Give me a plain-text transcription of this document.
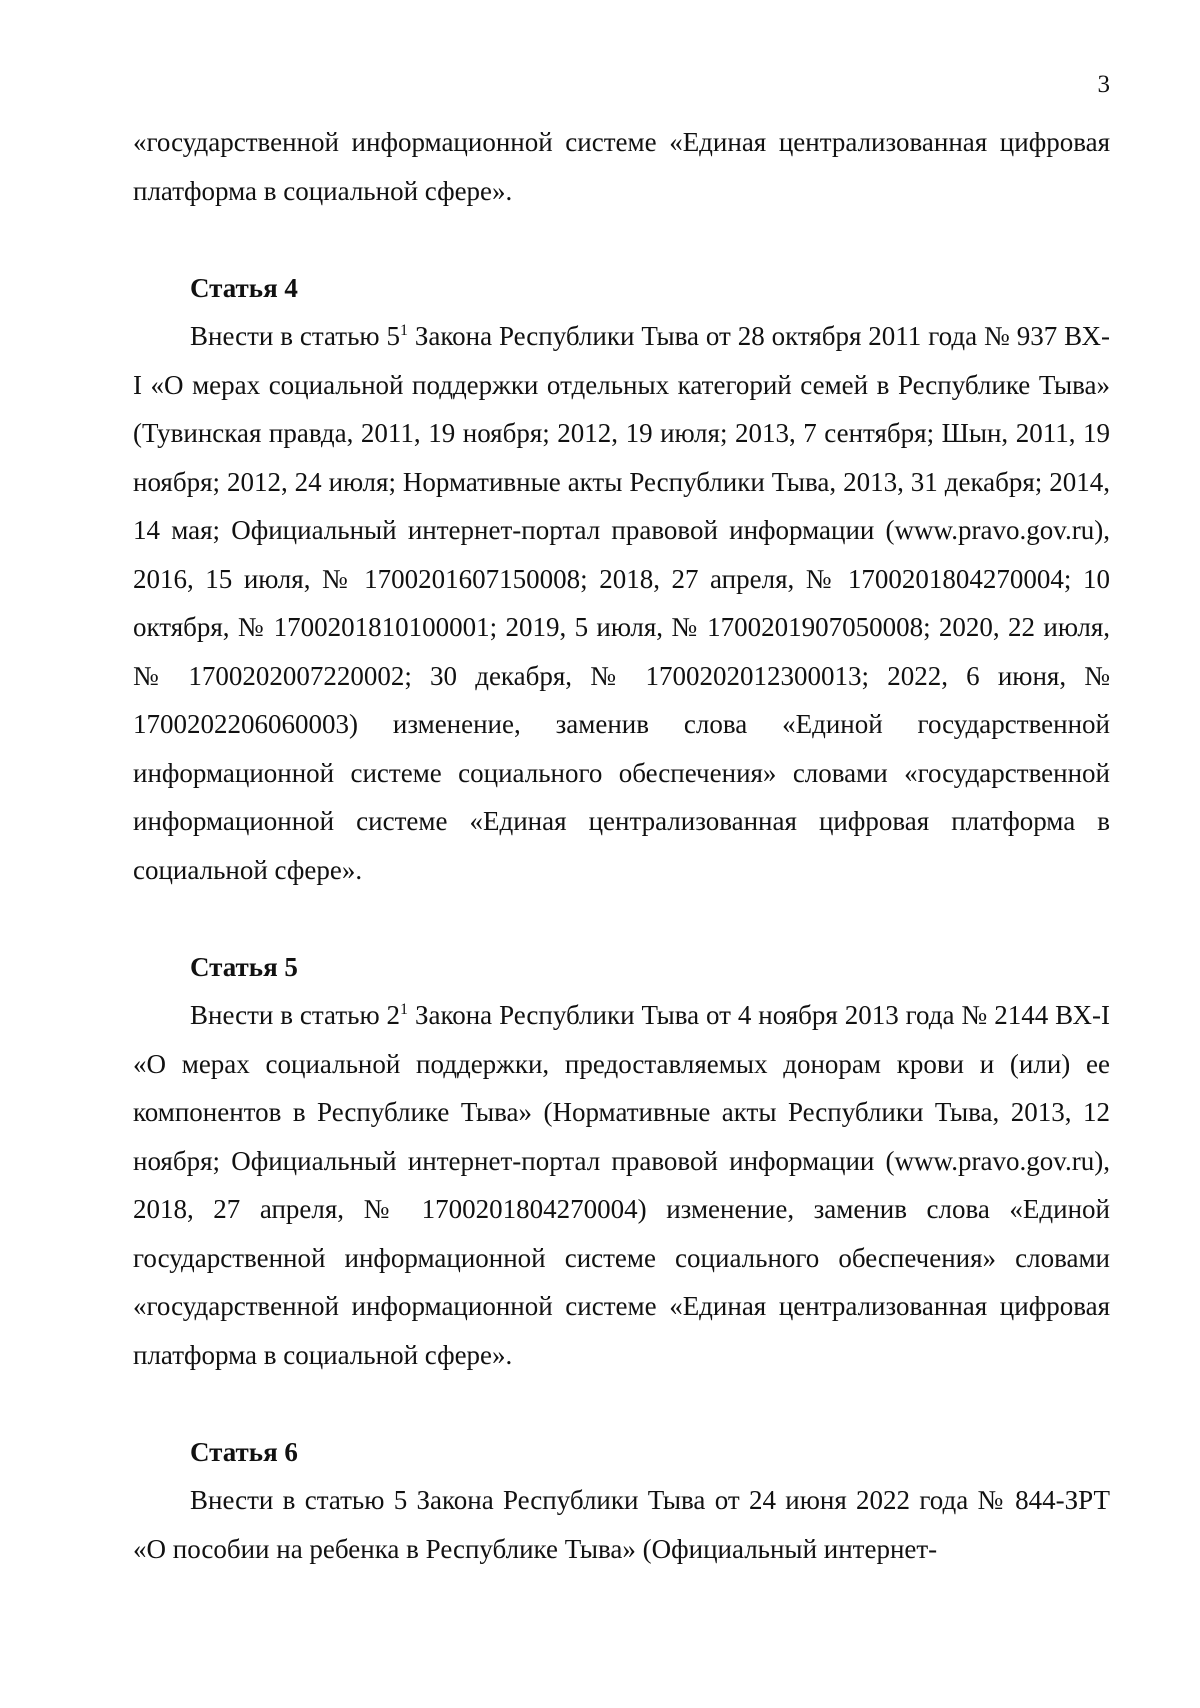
3

«государственной информационной системе «Единая централизованная цифровая платформа в социальной сфере».

Статья 4

Внести в статью $5^1$ Закона Республики Тыва от 28 октября 2011 года № 937 ВХ-I «О мерах социальной поддержки отдельных категорий семей в Республике Тыва» (Тувинская правда, 2011, 19 ноября; 2012, 19 июля; 2013, 7 сентября; Шын, 2011, 19 ноября; 2012, 24 июля; Нормативные акты Республики Тыва, 2013, 31 декабря; 2014, 14 мая; Официальный интернет-портал правовой информации (www.pravo.gov.ru), 2016, 15 июля, № 1700201607150008; 2018, 27 апреля, № 1700201804270004; 10 октября, № 1700201810100001; 2019, 5 июля, № 1700201907050008; 2020, 22 июля, № 1700202007220002; 30 декабря, № 1700202012300013; 2022, 6 июня, № 1700202206060003) изменение, заменив слова «Единой государственной информационной системе социального обеспечения» словами «государственной информационной системе «Единая централизованная цифровая платформа в социальной сфере».

Статья 5

Внести в статью $2^1$ Закона Республики Тыва от 4 ноября 2013 года № 2144 ВХ-I «О мерах социальной поддержки, предоставляемых донорам крови и (или) ее компонентов в Республике Тыва» (Нормативные акты Республики Тыва, 2013, 12 ноября; Официальный интернет-портал правовой информации (www.pravo.gov.ru), 2018, 27 апреля, № 1700201804270004) изменение, заменив слова «Единой государственной информационной системе социального обеспечения» словами «государственной информационной системе «Единая централизованная цифровая платформа в социальной сфере».

Статья 6

Внести в статью 5 Закона Республики Тыва от 24 июня 2022 года № 844-ЗРТ «О пособии на ребенка в Республике Тыва» (Официальный интернет-
